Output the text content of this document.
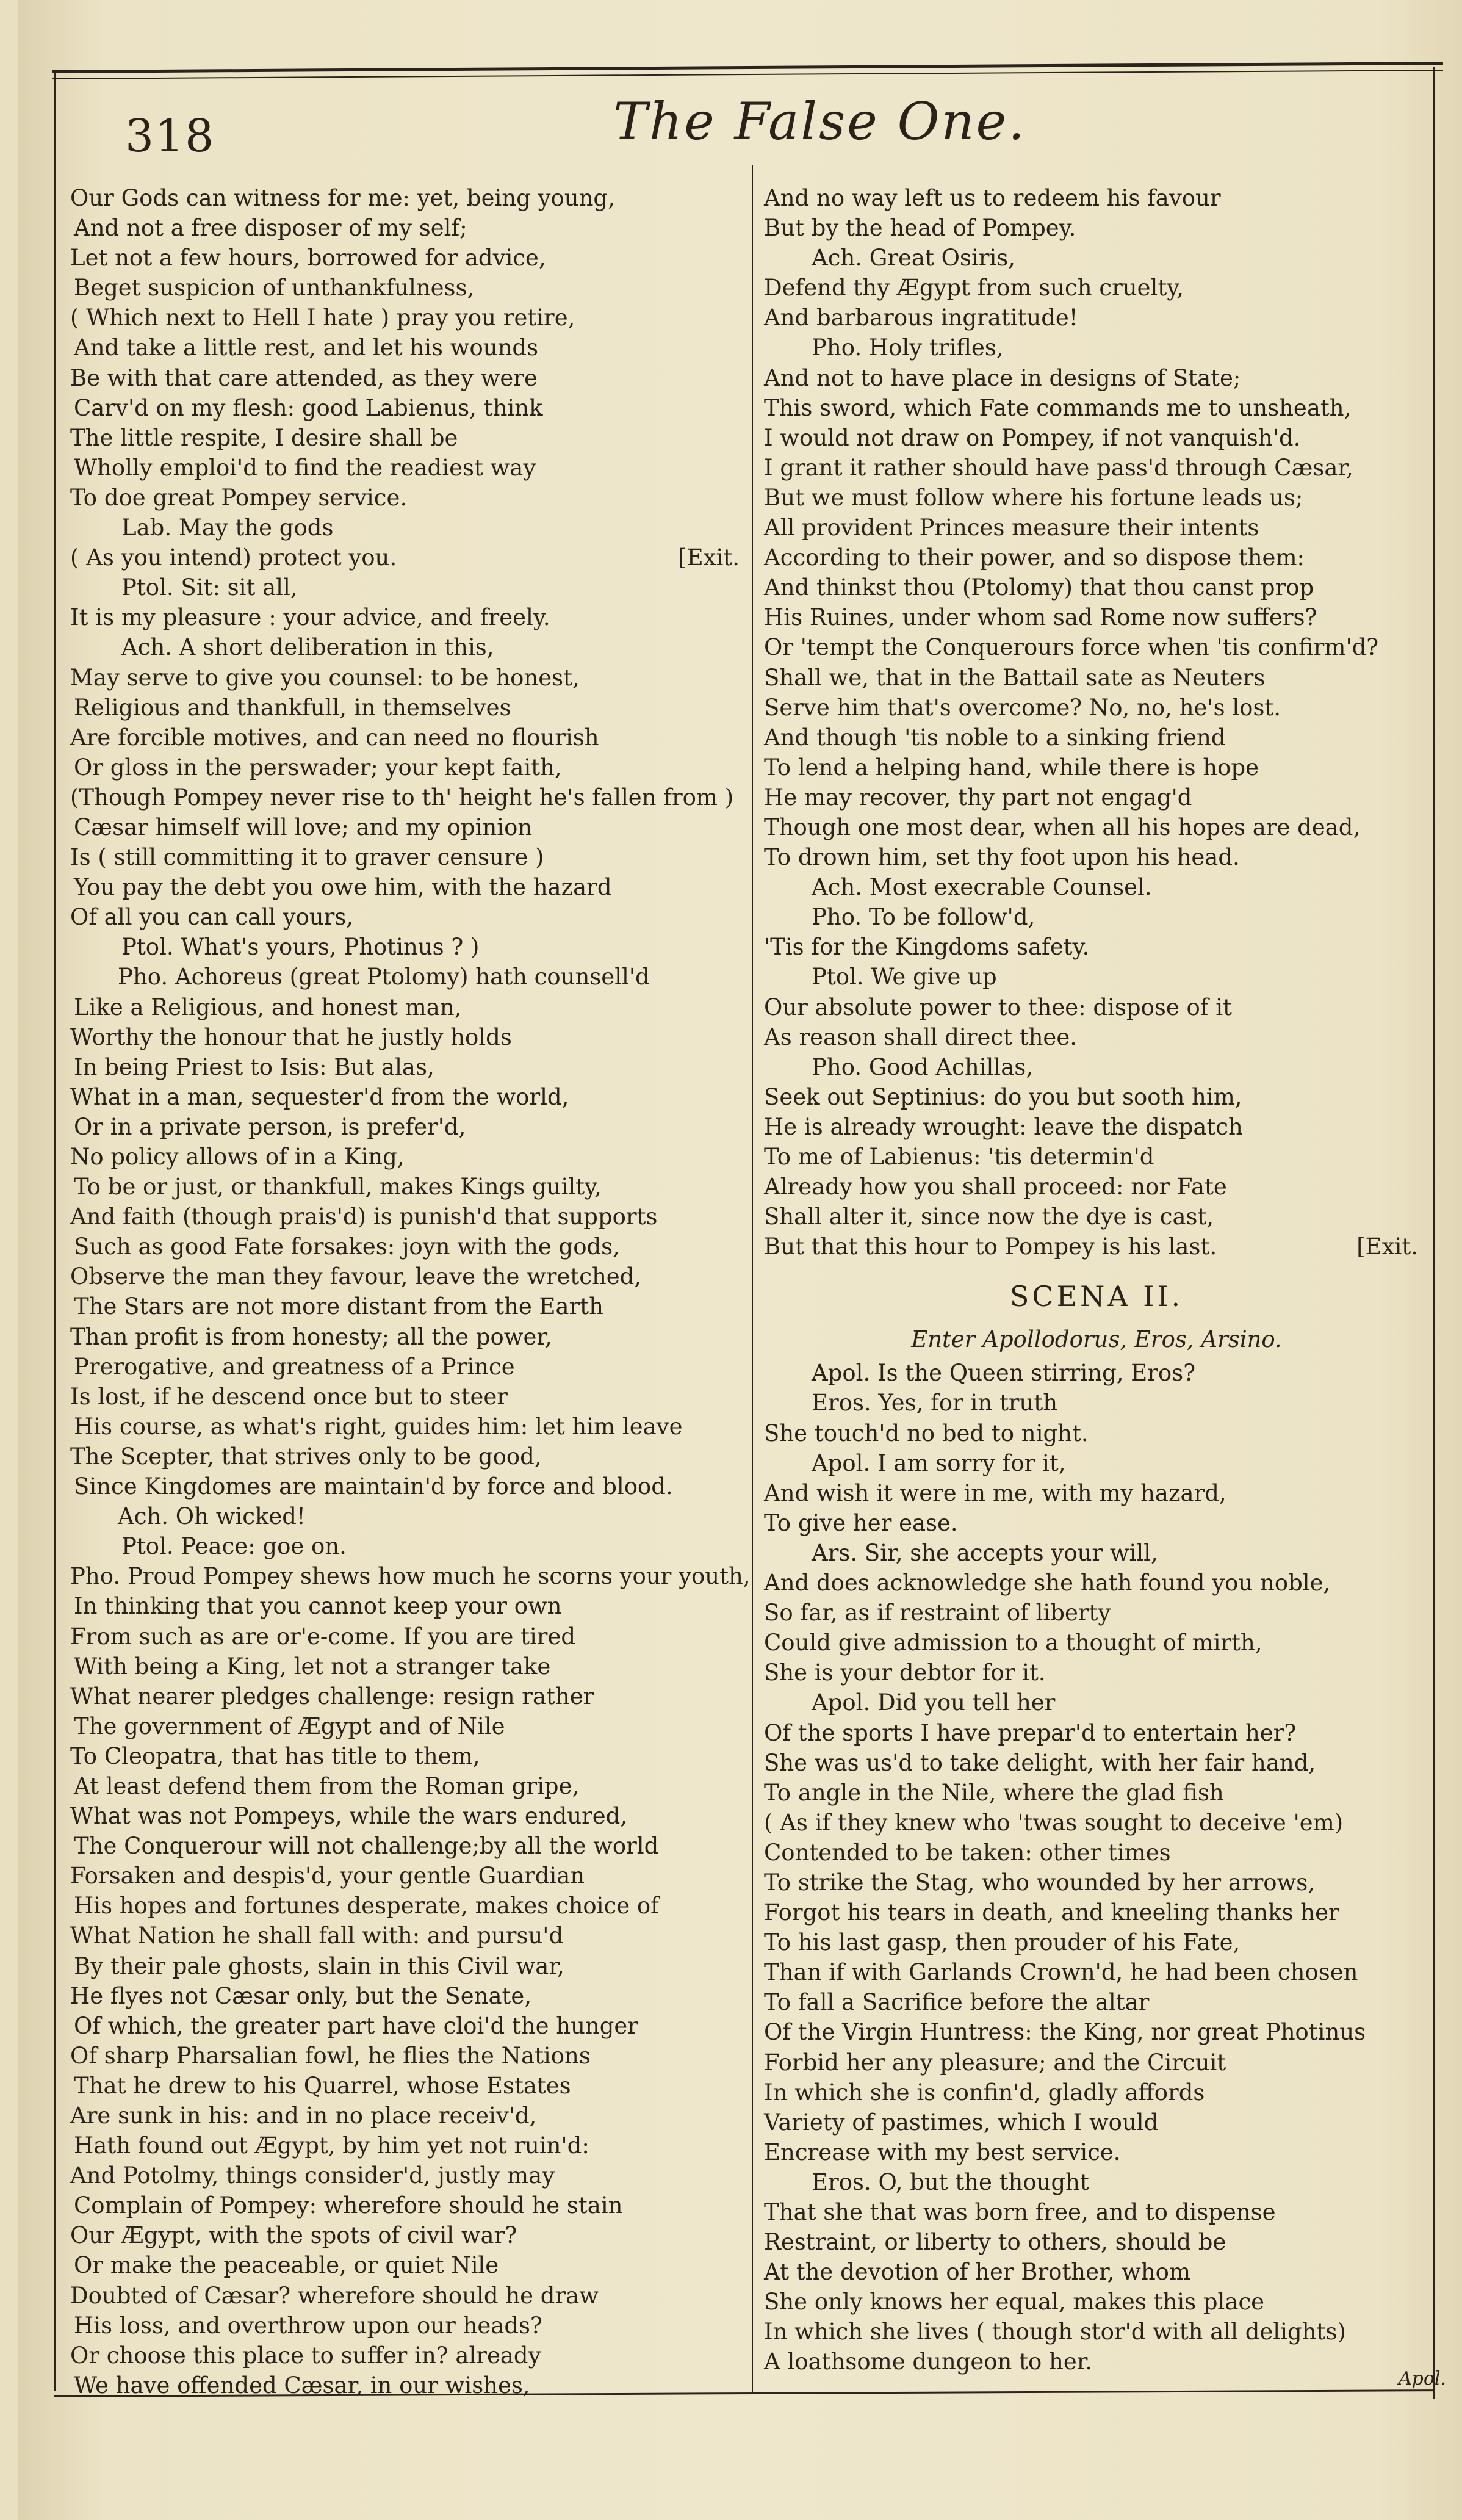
318	The False One.
Our Gods can witness for me: yet, being young,
And not a free disposer of my self;
Let not a few hours, borrowed for advice,
Beget suspicion of unthankfulness,
( Which next to Hell I hate ) pray you retire,
And take a little rest, and let his wounds
Be with that care attended, as they were
Carv'd on my flesh: good Labienus, think
The little respite, I desire shall be
Wholly emploi'd to find the readiest way
To doe great Pompey service.
Lab. May the gods
( As you intend) protect you.	[Exit.
Ptol. Sit: sit all,
It is my pleasure : your advice, and freely.
Ach. A short deliberation in this,
May serve to give you counsel: to be honest,
Religious and thankfull, in themselves
Are forcible motives, and can need no flourish
Or gloss in the perswader; your kept faith,
(Though Pompey never rise to th' height he's fallen from )
Cæsar himself will love; and my opinion
Is ( still committing it to graver censure )
You pay the debt you owe him, with the hazard
Of all you can call yours,
Ptol. What's yours, Photinus ? )
Pho. Achoreus (great Ptolomy) hath counsell'd
Like a Religious, and honest man,
Worthy the honour that he justly holds
In being Priest to Isis: But alas,
What in a man, sequester'd from the world,
Or in a private person, is prefer'd,
No policy allows of in a King,
To be or just, or thankfull, makes Kings guilty,
And faith (though prais'd) is punish'd that supports
Such as good Fate forsakes: joyn with the gods,
Observe the man they favour, leave the wretched,
The Stars are not more distant from the Earth
Than profit is from honesty; all the power,
Prerogative, and greatness of a Prince
Is lost, if he descend once but to steer
His course, as what's right, guides him: let him leave
The Scepter, that strives only to be good,
Since Kingdomes are maintain'd by force and blood.
Ach. Oh wicked!
Ptol. Peace: goe on.
Pho. Proud Pompey shews how much he scorns your youth,
In thinking that you cannot keep your own
From such as are or'e-come. If you are tired
With being a King, let not a stranger take
What nearer pledges challenge: resign rather
The government of Ægypt and of Nile
To Cleopatra, that has title to them,
At least defend them from the Roman gripe,
What was not Pompeys, while the wars endured,
The Conquerour will not challenge;by all the world
Forsaken and despis'd, your gentle Guardian
His hopes and fortunes desperate, makes choice of
What Nation he shall fall with: and pursu'd
By their pale ghosts, slain in this Civil war,
He flyes not Cæsar only, but the Senate,
Of which, the greater part have cloi'd the hunger
Of sharp Pharsalian fowl, he flies the Nations
That he drew to his Quarrel, whose Estates
Are sunk in his: and in no place receiv'd,
Hath found out Ægypt, by him yet not ruin'd:
And Potolmy, things consider'd, justly may
Complain of Pompey: wherefore should he stain
Our Ægypt, with the spots of civil war?
Or make the peaceable, or quiet Nile
Doubted of Cæsar? wherefore should he draw
His loss, and overthrow upon our heads?
Or choose this place to suffer in? already
We have offended Cæsar, in our wishes,
And no way left us to redeem his favour
But by the head of Pompey.
Ach. Great Osiris,
Defend thy Ægypt from such cruelty,
And barbarous ingratitude!
Pho. Holy trifles,
And not to have place in designs of State;
This sword, which Fate commands me to unsheath,
I would not draw on Pompey, if not vanquish'd.
I grant it rather should have pass'd through Cæsar,
But we must follow where his fortune leads us;
All provident Princes measure their intents
According to their power, and so dispose them:
And thinkst thou (Ptolomy) that thou canst prop
His Ruines, under whom sad Rome now suffers?
Or 'tempt the Conquerours force when 'tis confirm'd?
Shall we, that in the Battail sate as Neuters
Serve him that's overcome? No, no, he's lost.
And though 'tis noble to a sinking friend
To lend a helping hand, while there is hope
He may recover, thy part not engag'd
Though one most dear, when all his hopes are dead,
To drown him, set thy foot upon his head.
Ach. Most execrable Counsel.
Pho. To be follow'd,
'Tis for the Kingdoms safety.
Ptol. We give up
Our absolute power to thee: dispose of it
As reason shall direct thee.
Pho. Good Achillas,
Seek out Septinius: do you but sooth him,
He is already wrought: leave the dispatch
To me of Labienus: 'tis determin'd
Already how you shall proceed: nor Fate
Shall alter it, since now the dye is cast,
But that this hour to Pompey is his last.	[Exit.
SCENA II.
Enter Apollodorus, Eros, Arsino.
Apol. Is the Queen stirring, Eros?
Eros. Yes, for in truth
She touch'd no bed to night.
Apol. I am sorry for it,
And wish it were in me, with my hazard,
To give her ease.
Ars. Sir, she accepts your will,
And does acknowledge she hath found you noble,
So far, as if restraint of liberty
Could give admission to a thought of mirth,
She is your debtor for it.
Apol. Did you tell her
Of the sports I have prepar'd to entertain her?
She was us'd to take delight, with her fair hand,
To angle in the Nile, where the glad fish
( As if they knew who 'twas sought to deceive 'em)
Contended to be taken: other times
To strike the Stag, who wounded by her arrows,
Forgot his tears in death, and kneeling thanks her
To his last gasp, then prouder of his Fate,
Than if with Garlands Crown'd, he had been chosen
To fall a Sacrifice before the altar
Of the Virgin Huntress: the King, nor great Photinus
Forbid her any pleasure; and the Circuit
In which she is confin'd, gladly affords
Variety of pastimes, which I would
Encrease with my best service.
Eros. O, but the thought
That she that was born free, and to dispense
Restraint, or liberty to others, should be
At the devotion of her Brother, whom
She only knows her equal, makes this place
In which she lives ( though stor'd with all delights)
A loathsome dungeon to her.
Apol.
